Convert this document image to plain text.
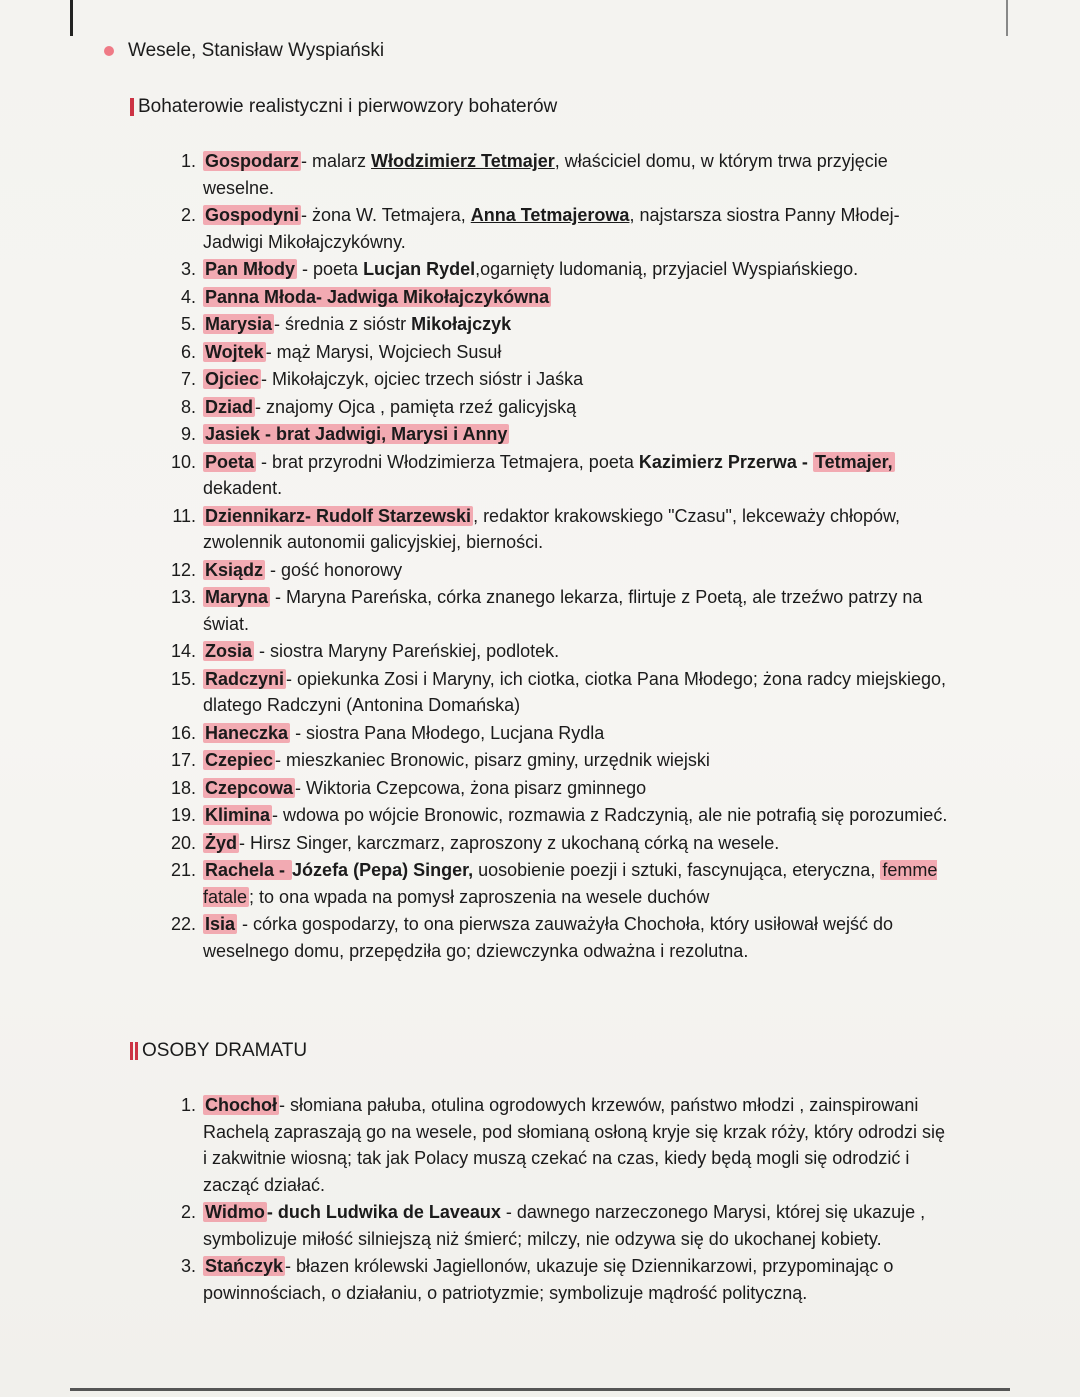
Wesele, Stanisław Wyspiański
Bohaterowie realistyczni i pierwowzory bohaterów
1. Gospodarz - malarz Włodzimierz Tetmajer, właściciel domu, w którym trwa przyjęcie weselne.
2. Gospodyni - żona W. Tetmajera, Anna Tetmajerowa, najstarsza siostra Panny Młodej- Jadwigi Mikołajczykówny.
3. Pan Młody - poeta Lucjan Rydel,ogarnięty ludomanią, przyjaciel Wyspiańskiego.
4. Panna Młoda- Jadwiga Mikołajczykówna
5. Marysia - średnia z sióstr Mikołajczyk
6. Wojtek - mąż Marysi, Wojciech Susuł
7. Ojciec - Mikołajczyk, ojciec trzech sióstr i Jaśka
8. Dziad - znajomy Ojca , pamięta rzeź galicyjską
9. Jasiek - brat Jadwigi, Marysi i Anny
10. Poeta - brat przyrodni Włodzimierza Tetmajera, poeta Kazimierz Przerwa - Tetmajer, dekadent.
11. Dziennikarz- Rudolf Starzewski , redaktor krakowskiego "Czasu", lekceważy chłopów, zwolennik autonomii galicyjskiej, bierności.
12. Ksiądz - gość honorowy
13. Maryna - Maryna Pareńska, córka znanego lekarza, flirtuje z Poetą, ale trzeźwo patrzy na świat.
14. Zosia - siostra Maryny Pareńskiej, podlotek.
15. Radczyni - opiekunka Zosi i Maryny, ich ciotka, ciotka Pana Młodego; żona radcy miejskiego, dlatego Radczyni (Antonina Domańska)
16. Haneczka - siostra Pana Młodego, Lucjana Rydla
17. Czepiec - mieszkaniec Bronowic, pisarz gminy, urzędnik wiejski
18. Czepcowa - Wiktoria Czepcowa, żona pisarz gminnego
19. Klimina - wdowa po wójcie Bronowic, rozmawia z Radczynią, ale nie potrafią się porozumieć.
20. Żyd - Hirsz Singer, karczmarz, zaproszony z ukochaną córką na wesele.
21. Rachela - Józefa (Pepa) Singer, uosobienie poezji i sztuki, fascynująca, eteryczna, femme fatale ; to ona wpada na pomysł zaproszenia na wesele duchów
22. Isia - córka gospodarzy, to ona pierwsza zauważyła Chochoła, który usiłował wejść do weselnego domu, przepędziła go; dziewczynka odważna i rezolutna.
OSOBY DRAMATU
1. Chochoł - słomiana pałuba, otulina ogrodowych krzewów, państwo młodzi , zainspirowani Rachelą zapraszają go na wesele, pod słomianą osłoną kryje się krzak róży, który odrodzi się i zakwitnie wiosną; tak jak Polacy muszą czekać na czas, kiedy będą mogli się odrodzić i zacząć działać.
2. Widmo - duch Ludwika de Laveaux - dawnego narzeczonego Marysi, której się ukazuje , symbolizuje miłość silniejszą niż śmierć; milczy, nie odzywa się do ukochanej kobiety.
3. Stańczyk - błazen królewski Jagiellonów, ukazuje się Dziennikarzowi, przypominając o powinnościach, o działaniu, o patriotyzmie; symbolizuje mądrość polityczną.
